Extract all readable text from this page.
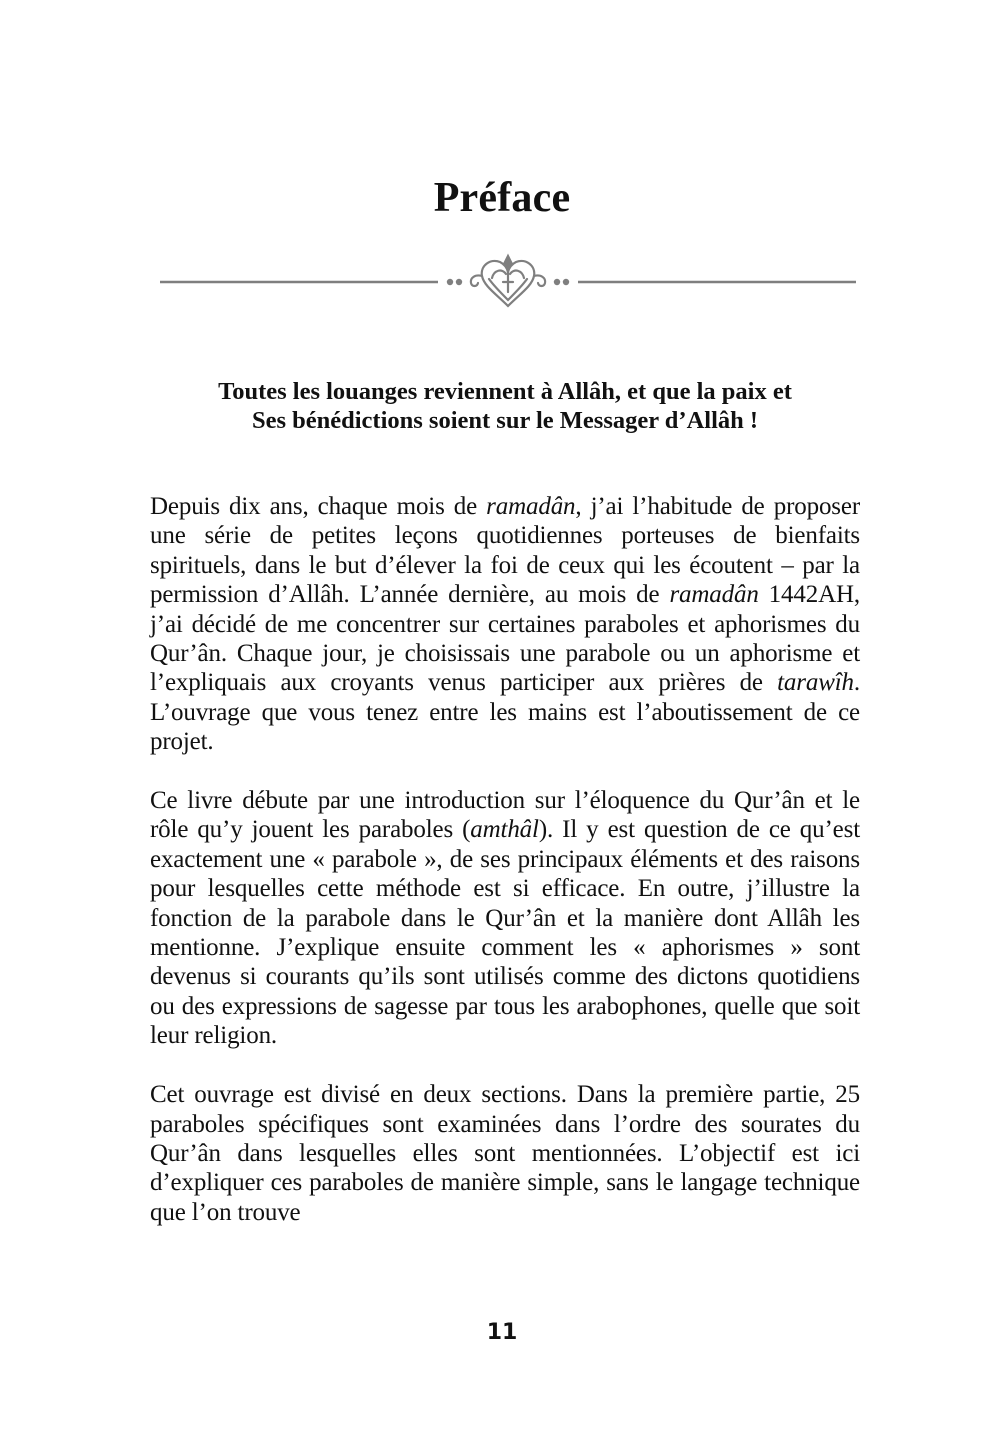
Préface
Toutes les louanges reviennent à Allâh, et que la paix et
Ses bénédictions soient sur le Messager d’Allâh !

Depuis dix ans, chaque mois de ramadân, j’ai l’habitude de proposer une série de petites leçons quotidiennes porteuses de bienfaits spirituels, dans le but d’élever la foi de ceux qui les écoutent – par la permission d’Allâh. L’année dernière, au mois de ramadân 1442AH, j’ai décidé de me concentrer sur certaines paraboles et aphorismes du Qur’ân. Chaque jour, je choisissais une parabole ou un aphorisme et l’expliquais aux croyants venus participer aux prières de tarawîh. L’ouvrage que vous tenez entre les mains est l’aboutissement de ce projet.

Ce livre débute par une introduction sur l’éloquence du Qur’ân et le rôle qu’y jouent les paraboles (amthâl). Il y est question de ce qu’est exactement une « parabole », de ses principaux éléments et des raisons pour lesquelles cette méthode est si efficace. En outre, j’illustre la fonction de la parabole dans le Qur’ân et la manière dont Allâh les mentionne. J’explique ensuite comment les « aphorismes » sont devenus si courants qu’ils sont utilisés comme des dictons quotidiens ou des expressions de sagesse par tous les arabophones, quelle que soit leur religion.

Cet ouvrage est divisé en deux sections. Dans la première partie, 25 paraboles spécifiques sont examinées dans l’ordre des sourates du Qur’ân dans lesquelles elles sont mentionnées. L’objectif est ici d’expliquer ces paraboles de manière simple, sans le langage technique que l’on trouve

11
